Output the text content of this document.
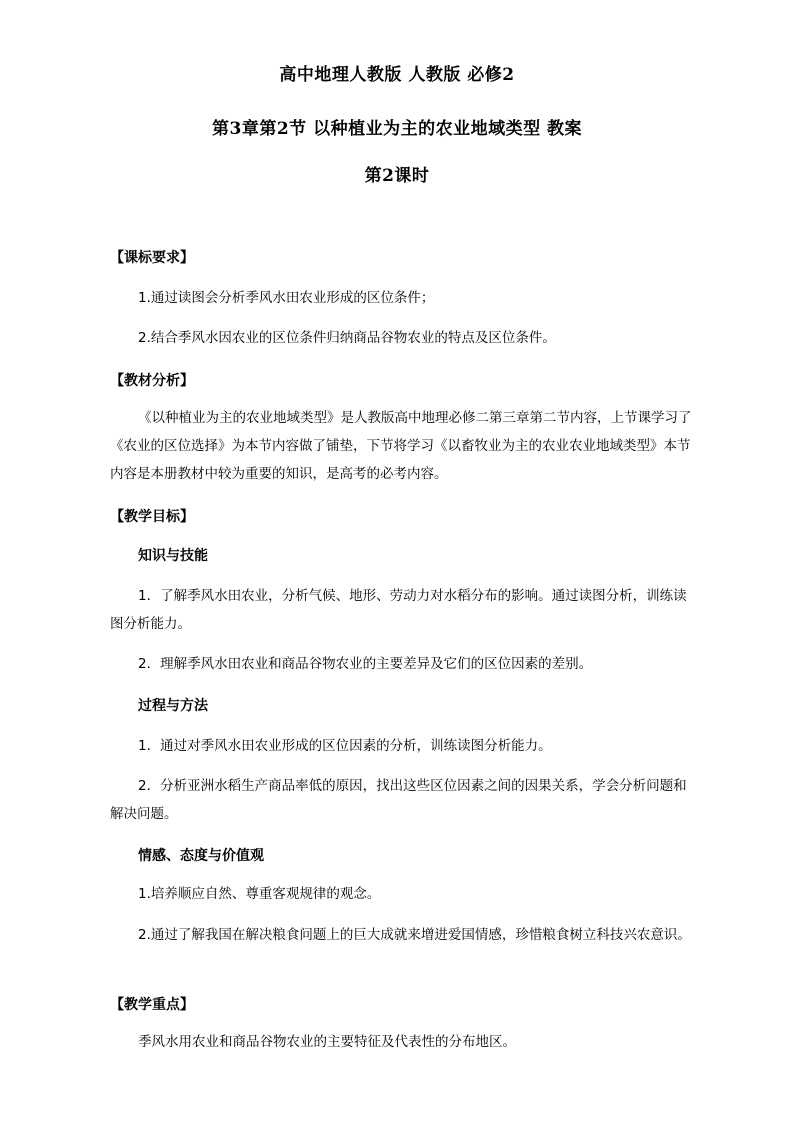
高中地理人教版 人教版 必修2
第3章第2节 以种植业为主的农业地域类型 教案
第2课时
【课标要求】
1.通过读图会分析季风水田农业形成的区位条件；
2.结合季风水因农业的区位条件归纳商品谷物农业的特点及区位条件。
【教材分析】
《以种植业为主的农业地域类型》是人教版高中地理必修二第三章第二节内容，上节课学习了《农业的区位选择》为本节内容做了铺垫，下节将学习《以畜牧业为主的农业农业地域类型》本节内容是本册教材中较为重要的知识，是高考的必考内容。
【教学目标】
知识与技能
1．了解季风水田农业，分析气候、地形、劳动力对水稻分布的影响。通过读图分析，训练读图分析能力。
2．理解季风水田农业和商品谷物农业的主要差异及它们的区位因素的差别。
过程与方法
1．通过对季风水田农业形成的区位因素的分析，训练读图分析能力。
2．分析亚洲水稻生产商品率低的原因，找出这些区位因素之间的因果关系，学会分析问题和解决问题。
情感、态度与价值观
1.培养顺应自然、尊重客观规律的观念。
2.通过了解我国在解决粮食问题上的巨大成就来增进爱国情感，珍惜粮食树立科技兴农意识。
【教学重点】
季风水用农业和商品谷物农业的主要特征及代表性的分布地区。
